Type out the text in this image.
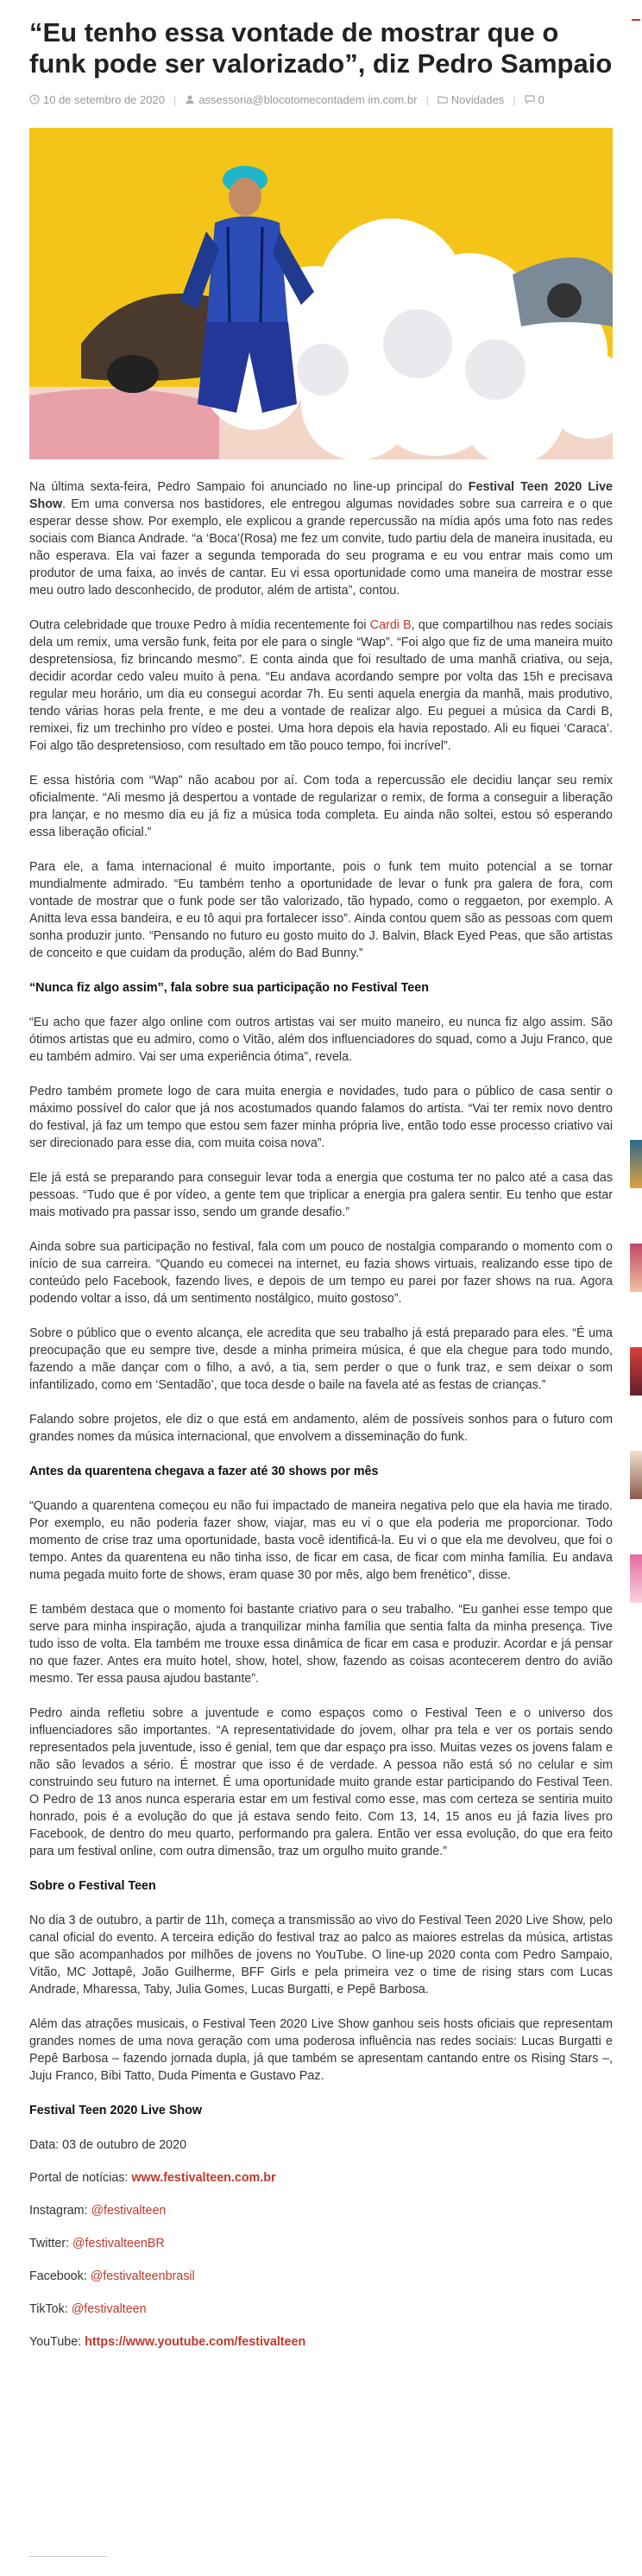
“Eu tenho essa vontade de mostrar que o funk pode ser valorizado”, diz Pedro Sampaio
10 de setembro de 2020 | assessoria@blocotomecontadem im.com.br | Novidades | 0

Na última sexta-feira, Pedro Sampaio foi anunciado no line-up principal do Festival Teen 2020 Live Show. Em uma conversa nos bastidores, ele entregou algumas novidades sobre sua carreira e o que esperar desse show. Por exemplo, ele explicou a grande repercussão na mídia após uma foto nas redes sociais com Bianca Andrade. “a ‘Boca’(Rosa) me fez um convite, tudo partiu dela de maneira inusitada, eu não esperava. Ela vai fazer a segunda temporada do seu programa e eu vou entrar mais como um produtor de uma faixa, ao invés de cantar. Eu vi essa oportunidade como uma maneira de mostrar esse meu outro lado desconhecido, de produtor, além de artista”, contou.

Outra celebridade que trouxe Pedro à mídia recentemente foi Cardi B, que compartilhou nas redes sociais dela um remix, uma versão funk, feita por ele para o single “Wap”. “Foi algo que fiz de uma maneira muito despretensiosa, fiz brincando mesmo”. E conta ainda que foi resultado de uma manhã criativa, ou seja, decidir acordar cedo valeu muito à pena. “Eu andava acordando sempre por volta das 15h e precisava regular meu horário, um dia eu consegui acordar 7h. Eu senti aquela energia da manhã, mais produtivo, tendo várias horas pela frente, e me deu a vontade de realizar algo. Eu peguei a música da Cardi B, remixei, fiz um trechinho pro vídeo e postei. Uma hora depois ela havia repostado. Ali eu fiquei ‘Caraca’. Foi algo tão despretensioso, com resultado em tão pouco tempo, foi incrível”.

E essa história com “Wap” não acabou por aí. Com toda a repercussão ele decidiu lançar seu remix oficialmente. “Ali mesmo já despertou a vontade de regularizar o remix, de forma a conseguir a liberação pra lançar, e no mesmo dia eu já fiz a música toda completa. Eu ainda não soltei, estou só esperando essa liberação oficial.”

Para ele, a fama internacional é muito importante, pois o funk tem muito potencial a se tornar mundialmente admirado. “Eu também tenho a oportunidade de levar o funk pra galera de fora, com vontade de mostrar que o funk pode ser tão valorizado, tão hypado, como o reggaeton, por exemplo. A Anitta leva essa bandeira, e eu tô aqui pra fortalecer isso”. Ainda contou quem são as pessoas com quem sonha produzir junto. “Pensando no futuro eu gosto muito do J. Balvin, Black Eyed Peas, que são artistas de conceito e que cuidam da produção, além do Bad Bunny.”

“Nunca fiz algo assim”, fala sobre sua participação no Festival Teen

“Eu acho que fazer algo online com outros artistas vai ser muito maneiro, eu nunca fiz algo assim. São ótimos artistas que eu admiro, como o Vitão, além dos influenciadores do squad, como a Juju Franco, que eu também admiro. Vai ser uma experiência ótima”, revela.

Pedro também promete logo de cara muita energia e novidades, tudo para o público de casa sentir o máximo possível do calor que já nos acostumados quando falamos do artista. “Vai ter remix novo dentro do festival, já faz um tempo que estou sem fazer minha própria live, então todo esse processo criativo vai ser direcionado para esse dia, com muita coisa nova”.

Ele já está se preparando para conseguir levar toda a energia que costuma ter no palco até a casa das pessoas. “Tudo que é por vídeo, a gente tem que triplicar a energia pra galera sentir. Eu tenho que estar mais motivado pra passar isso, sendo um grande desafio.”

Ainda sobre sua participação no festival, fala com um pouco de nostalgia comparando o momento com o início de sua carreira. “Quando eu comecei na internet, eu fazia shows virtuais, realizando esse tipo de conteúdo pelo Facebook, fazendo lives, e depois de um tempo eu parei por fazer shows na rua. Agora podendo voltar a isso, dá um sentimento nostálgico, muito gostoso”.

Sobre o público que o evento alcança, ele acredita que seu trabalho já está preparado para eles. “É uma preocupação que eu sempre tive, desde a minha primeira música, é que ela chegue para todo mundo, fazendo a mãe dançar com o filho, a avó, a tia, sem perder o que o funk traz, e sem deixar o som infantilizado, como em ‘Sentadão’, que toca desde o baile na favela até as festas de crianças.”

Falando sobre projetos, ele diz o que está em andamento, além de possíveis sonhos para o futuro com grandes nomes da música internacional, que envolvem a disseminação do funk.

Antes da quarentena chegava a fazer até 30 shows por mês

“Quando a quarentena começou eu não fui impactado de maneira negativa pelo que ela havia me tirado. Por exemplo, eu não poderia fazer show, viajar, mas eu vi o que ela poderia me proporcionar. Todo momento de crise traz uma oportunidade, basta você identificá-la. Eu vi o que ela me devolveu, que foi o tempo. Antes da quarentena eu não tinha isso, de ficar em casa, de ficar com minha família. Eu andava numa pegada muito forte de shows, eram quase 30 por mês, algo bem frenético”, disse.

E também destaca que o momento foi bastante criativo para o seu trabalho. “Eu ganhei esse tempo que serve para minha inspiração, ajuda a tranquilizar minha família que sentia falta da minha presença. Tive tudo isso de volta. Ela também me trouxe essa dinâmica de ficar em casa e produzir. Acordar e já pensar no que fazer. Antes era muito hotel, show, hotel, show, fazendo as coisas acontecerem dentro do avião mesmo. Ter essa pausa ajudou bastante”.

Pedro ainda refletiu sobre a juventude e como espaços como o Festival Teen e o universo dos influenciadores são importantes. “A representatividade do jovem, olhar pra tela e ver os portais sendo representados pela juventude, isso é genial, tem que dar espaço pra isso. Muitas vezes os jovens falam e não são levados a sério. É mostrar que isso é de verdade. A pessoa não está só no celular e sim construindo seu futuro na internet. É uma oportunidade muito grande estar participando do Festival Teen. O Pedro de 13 anos nunca esperaria estar em um festival como esse, mas com certeza se sentiria muito honrado, pois é a evolução do que já estava sendo feito. Com 13, 14, 15 anos eu já fazia lives pro Facebook, de dentro do meu quarto, performando pra galera. Então ver essa evolução, do que era feito para um festival online, com outra dimensão, traz um orgulho muito grande.”

Sobre o Festival Teen

No dia 3 de outubro, a partir de 11h, começa a transmissão ao vivo do Festival Teen 2020 Live Show, pelo canal oficial do evento. A terceira edição do festival traz ao palco as maiores estrelas da música, artistas que são acompanhados por milhões de jovens no YouTube. O line-up 2020 conta com Pedro Sampaio, Vitão, MC Jottapê, João Guilherme, BFF Girls e pela primeira vez o time de rising stars com Lucas Andrade, Mharessa, Taby, Julia Gomes, Lucas Burgatti, e Pepê Barbosa.

Além das atrações musicais, o Festival Teen 2020 Live Show ganhou seis hosts oficiais que representam grandes nomes de uma nova geração com uma poderosa influência nas redes sociais: Lucas Burgatti e Pepê Barbosa – fazendo jornada dupla, já que também se apresentam cantando entre os Rising Stars –, Juju Franco, Bibi Tatto, Duda Pimenta e Gustavo Paz.

Festival Teen 2020 Live Show

Data: 03 de outubro de 2020

Portal de notícias: www.festivalteen.com.br

Instagram: @festivalteen

Twitter: @festivalteenBR

Facebook: @festivalteenbrasil

TikTok: @festivalteen

YouTube: https://www.youtube.com/festivalteen
